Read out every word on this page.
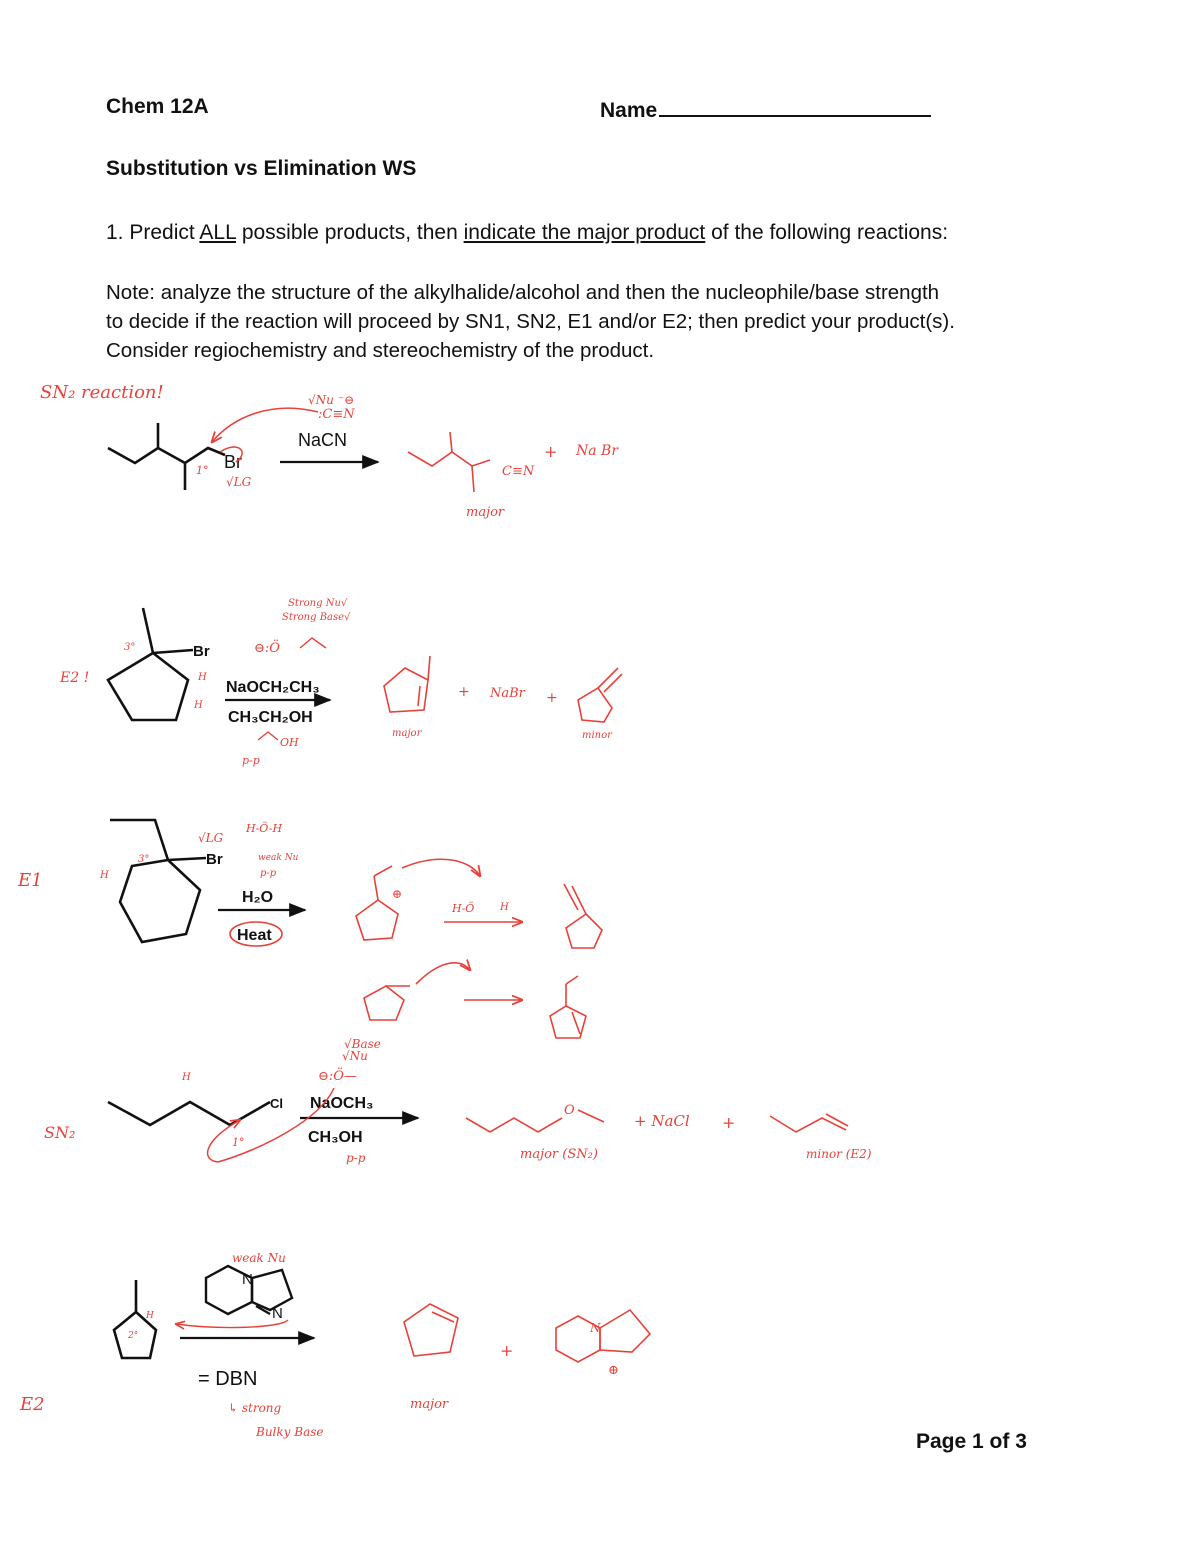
Chem 12A	Name
Substitution vs Elimination WS
1. Predict ALL possible products, then indicate the major product of the following reactions:
Note: analyze the structure of the alkylhalide/alcohol and then the nucleophile/base strength
to decide if the reaction will proceed by SN1, SN2, E1 and/or E2; then predict your product(s).
Consider regiochemistry and stereochemistry of the product.
Br
NaCN
SN₂ reaction!	√Nu ⁻⊖
:C≡N
1°
√LG
C≡N
+ Na Br
major
Br
NaOCH₂CH₃
CH₃CH₂OH
E2 !
Strong Nu√
Strong Base√
⊖:Ö
3°
H
H
OH
p-p
+ NaBr +
major	minor
Br
H₂O
Heat
E1
√LG
H-Ö-H
weak Nu
p-p
3°
H
⊕
H-Ö	H
Cl NaOCH₃
CH₃OH
SN₂
√Base
√Nu
⊖:Ö—
p-p
1°
H
O
+ NaCl +
major (SN₂)	minor (E2)
N
N
= DBN
E2
weak Nu
2°
H
↳ strong
Bulky Base
+
N
⊕
major
Page 1 of 3
